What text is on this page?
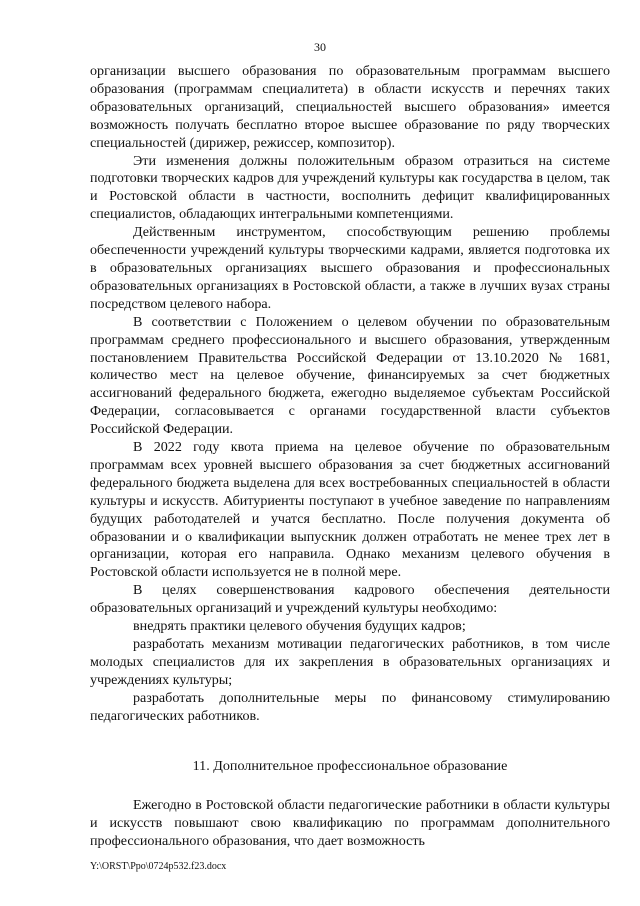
30

организации высшего образования по образовательным программам высшего образования (программам специалитета) в области искусств и перечнях таких образовательных организаций, специальностей высшего образования» имеется возможность получать бесплатно второе высшее образование по ряду творческих специальностей (дирижер, режиссер, композитор).

Эти изменения должны положительным образом отразиться на системе подготовки творческих кадров для учреждений культуры как государства в целом, так и Ростовской области в частности, восполнить дефицит квалифицированных специалистов, обладающих интегральными компетенциями.

Действенным инструментом, способствующим решению проблемы обеспеченности учреждений культуры творческими кадрами, является подготовка их в образовательных организациях высшего образования и профессиональных образовательных организациях в Ростовской области, а также в лучших вузах страны посредством целевого набора.

В соответствии с Положением о целевом обучении по образовательным программам среднего профессионального и высшего образования, утвержденным постановлением Правительства Российской Федерации от 13.10.2020 № 1681, количество мест на целевое обучение, финансируемых за счет бюджетных ассигнований федерального бюджета, ежегодно выделяемое субъектам Российской Федерации, согласовывается с органами государственной власти субъектов Российской Федерации.

В 2022 году квота приема на целевое обучение по образовательным программам всех уровней высшего образования за счет бюджетных ассигнований федерального бюджета выделена для всех востребованных специальностей в области культуры и искусств. Абитуриенты поступают в учебное заведение по направлениям будущих работодателей и учатся бесплатно. После получения документа об образовании и о квалификации выпускник должен отработать не менее трех лет в организации, которая его направила. Однако механизм целевого обучения в Ростовской области используется не в полной мере.

В целях совершенствования кадрового обеспечения деятельности образовательных организаций и учреждений культуры необходимо:

внедрять практики целевого обучения будущих кадров;

разработать механизм мотивации педагогических работников, в том числе молодых специалистов для их закрепления в образовательных организациях и учреждениях культуры;

разработать дополнительные меры по финансовому стимулированию педагогических работников.

11. Дополнительное профессиональное образование

Ежегодно в Ростовской области педагогические работники в области культуры и искусств повышают свою квалификацию по программам дополнительного профессионального образования, что дает возможность

Y:\ORST\Ppo\0724p532.f23.docx
